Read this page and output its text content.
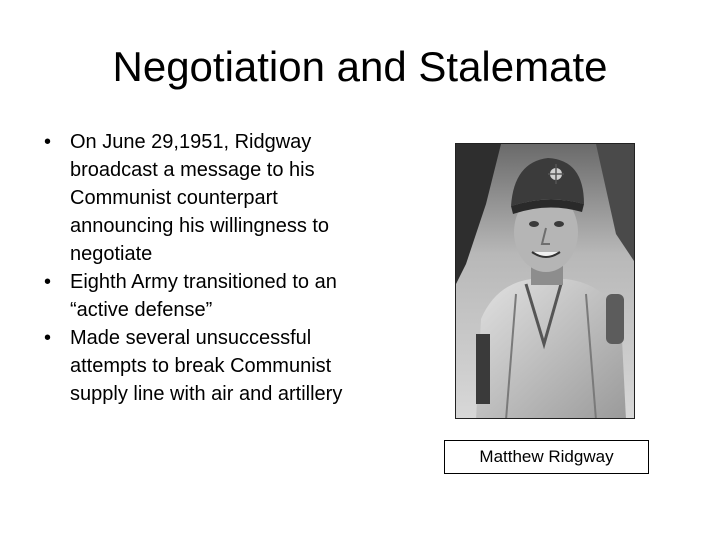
Negotiation and Stalemate
• On June 29,1951, Ridgway broadcast a message to his Communist counterpart announcing his willingness to negotiate
• Eighth Army transitioned to an “active defense”
• Made several unsuccessful attempts to break Communist supply line with air and artillery
Matthew Ridgway
